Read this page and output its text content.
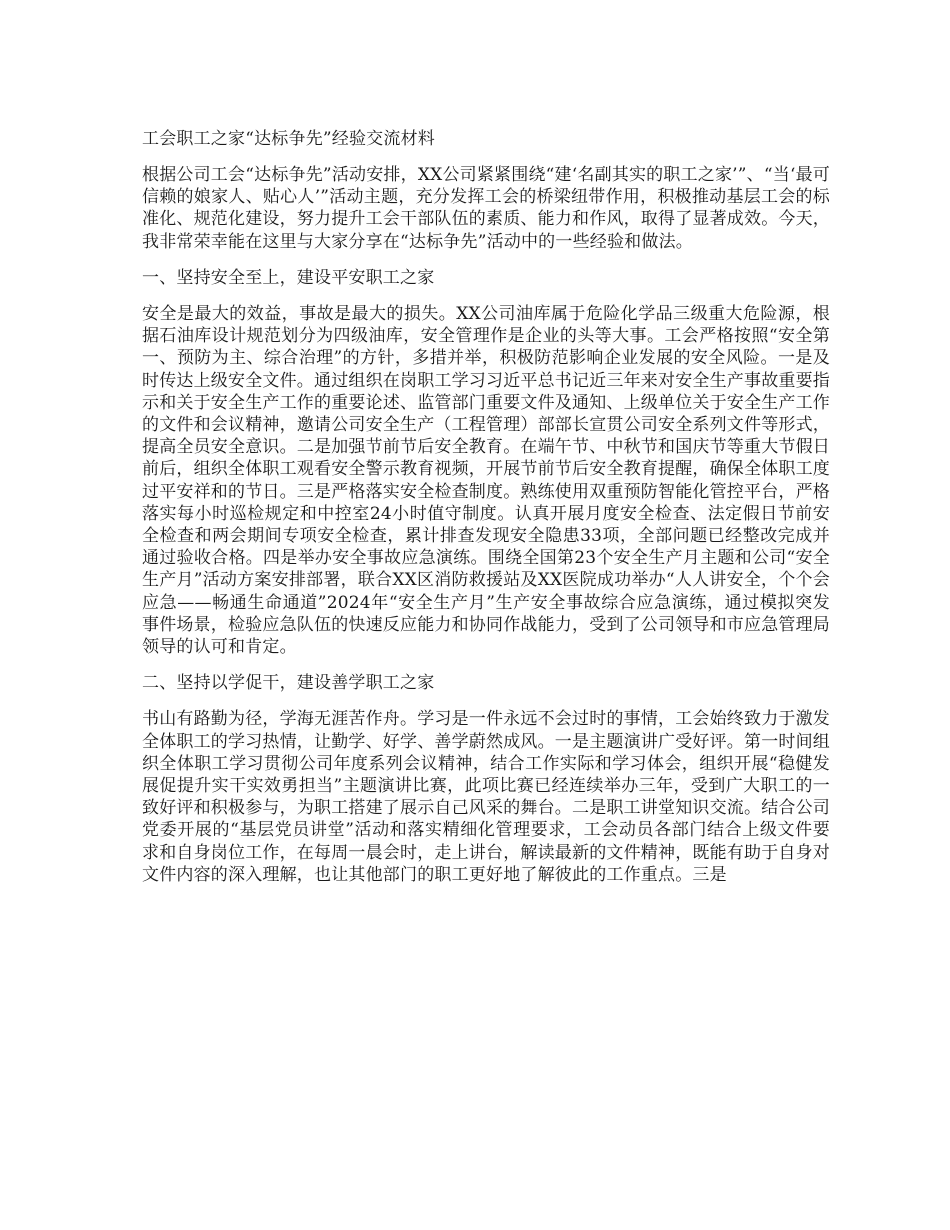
工会职工之家“达标争先”经验交流材料

根据公司工会“达标争先”活动安排，XX公司紧紧围绕“建‘名副其实的职工之家’”、“当‘最可信赖的娘家人、贴心人’”活动主题，充分发挥工会的桥梁纽带作用，积极推动基层工会的标准化、规范化建设，努力提升工会干部队伍的素质、能力和作风，取得了显著成效。今天，我非常荣幸能在这里与大家分享在“达标争先”活动中的一些经验和做法。

一、坚持安全至上，建设平安职工之家

安全是最大的效益，事故是最大的损失。XX公司油库属于危险化学品三级重大危险源，根据石油库设计规范划分为四级油库，安全管理作是企业的头等大事。工会严格按照“安全第一、预防为主、综合治理”的方针，多措并举，积极防范影响企业发展的安全风险。一是及时传达上级安全文件。通过组织在岗职工学习习近平总书记近三年来对安全生产事故重要指示和关于安全生产工作的重要论述、监管部门重要文件及通知、上级单位关于安全生产工作的文件和会议精神，邀请公司安全生产（工程管理）部部长宣贯公司安全系列文件等形式，提高全员安全意识。二是加强节前节后安全教育。在端午节、中秋节和国庆节等重大节假日前后，组织全体职工观看安全警示教育视频，开展节前节后安全教育提醒，确保全体职工度过平安祥和的节日。三是严格落实安全检查制度。熟练使用双重预防智能化管控平台，严格落实每小时巡检规定和中控室24小时值守制度。认真开展月度安全检查、法定假日节前安全检查和两会期间专项安全检查，累计排查发现安全隐患33项，全部问题已经整改完成并通过验收合格。四是举办安全事故应急演练。围绕全国第23个安全生产月主题和公司“安全生产月”活动方案安排部署，联合XX区消防救援站及XX医院成功举办“人人讲安全，个个会应急——畅通生命通道”2024年“安全生产月”生产安全事故综合应急演练，通过模拟突发事件场景，检验应急队伍的快速反应能力和协同作战能力，受到了公司领导和市应急管理局领导的认可和肯定。

二、坚持以学促干，建设善学职工之家

书山有路勤为径，学海无涯苦作舟。学习是一件永远不会过时的事情，工会始终致力于激发全体职工的学习热情，让勤学、好学、善学蔚然成风。一是主题演讲广受好评。第一时间组织全体职工学习贯彻公司年度系列会议精神，结合工作实际和学习体会，组织开展“稳健发展促提升实干实效勇担当”主题演讲比赛，此项比赛已经连续举办三年，受到广大职工的一致好评和积极参与，为职工搭建了展示自己风采的舞台。二是职工讲堂知识交流。结合公司党委开展的“基层党员讲堂”活动和落实精细化管理要求，工会动员各部门结合上级文件要求和自身岗位工作，在每周一晨会时，走上讲台，解读最新的文件精神，既能有助于自身对文件内容的深入理解，也让其他部门的职工更好地了解彼此的工作重点。三是
